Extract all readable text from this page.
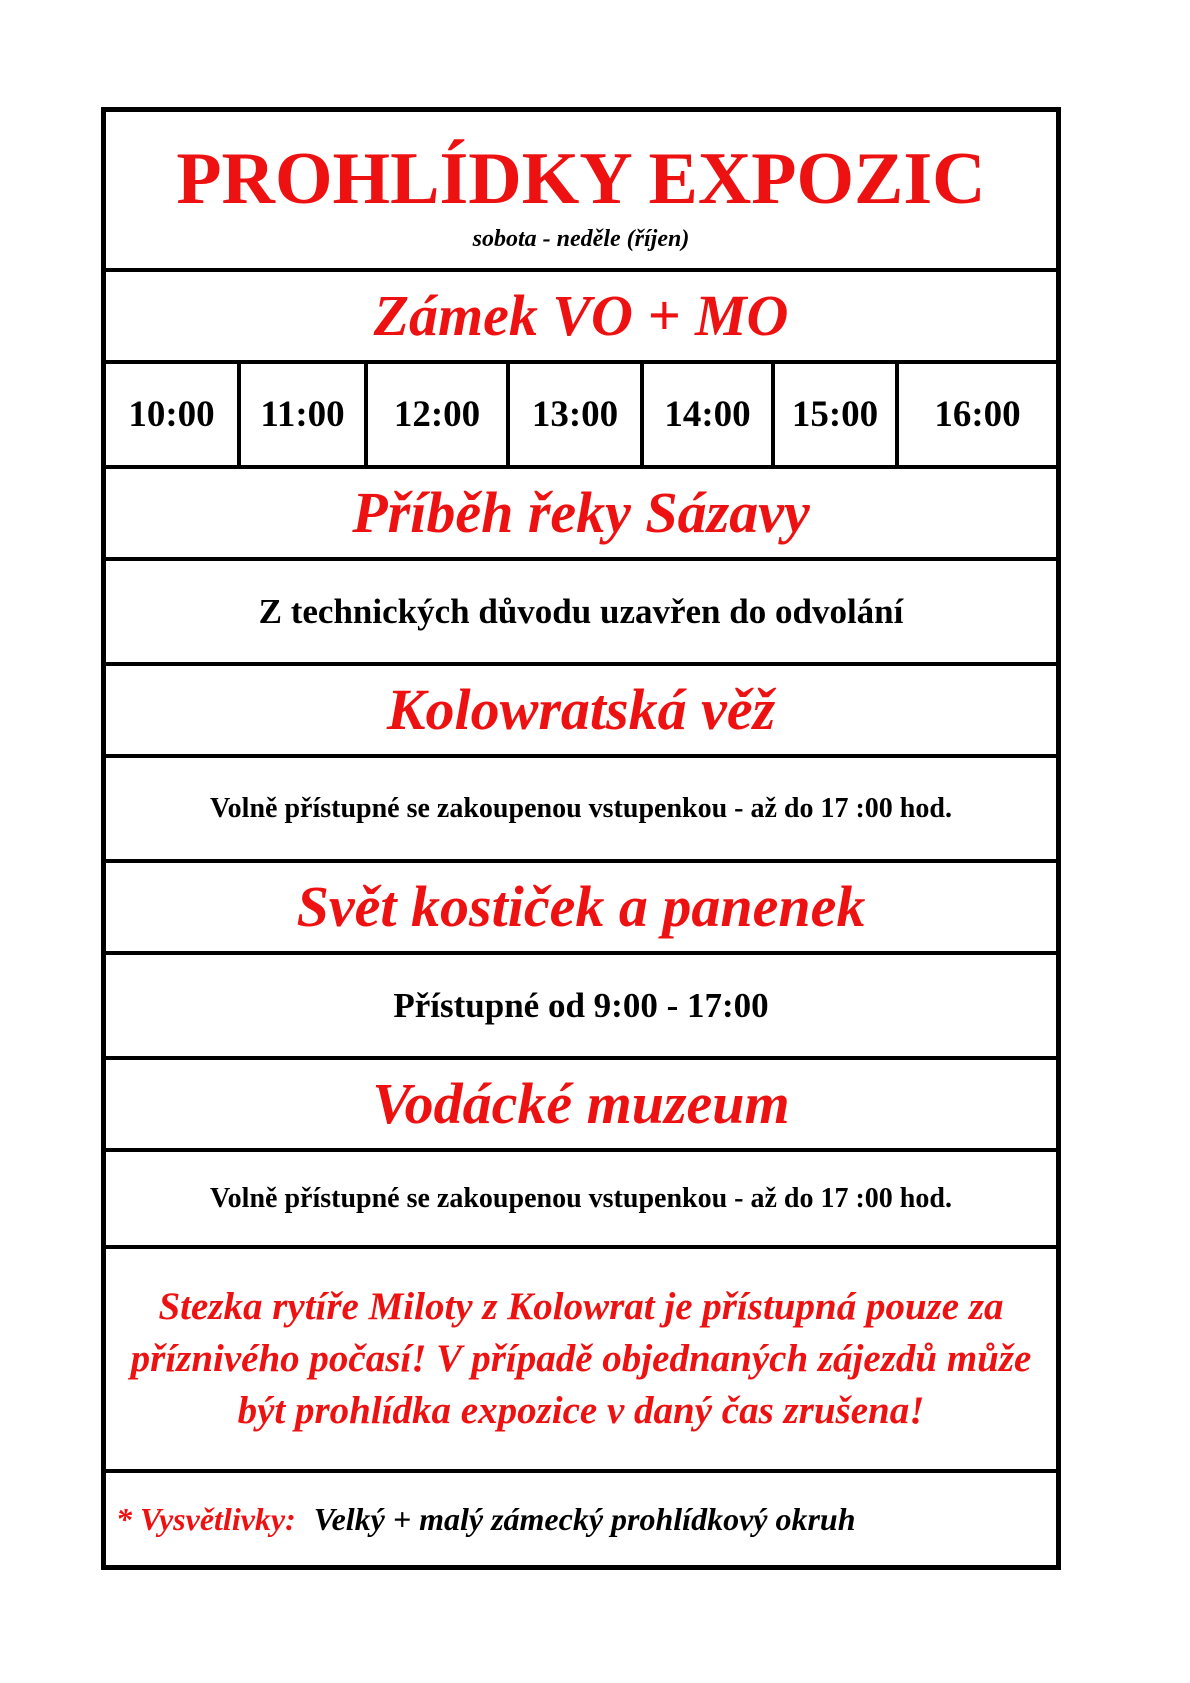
PROHLÍDKY EXPOZIC
sobota - neděle (říjen)
Zámek VO + MO
10:00 11:00 12:00 13:00 14:00 15:00 16:00
Příběh řeky Sázavy
Z technických důvodu uzavřen do odvolání
Kolowratská věž
Volně přístupné se zakoupenou vstupenkou - až do 17 :00 hod.
Svět kostiček a panenek
Přístupné od 9:00 - 17:00
Vodácké muzeum
Volně přístupné se zakoupenou vstupenkou - až do 17 :00 hod.
Stezka rytíře Miloty z Kolowrat je přístupná pouze za příznivého počasí! V případě objednaných zájezdů může být prohlídka expozice v daný čas zrušena!
* Vysvětlivky: Velký + malý zámecký prohlídkový okruh
